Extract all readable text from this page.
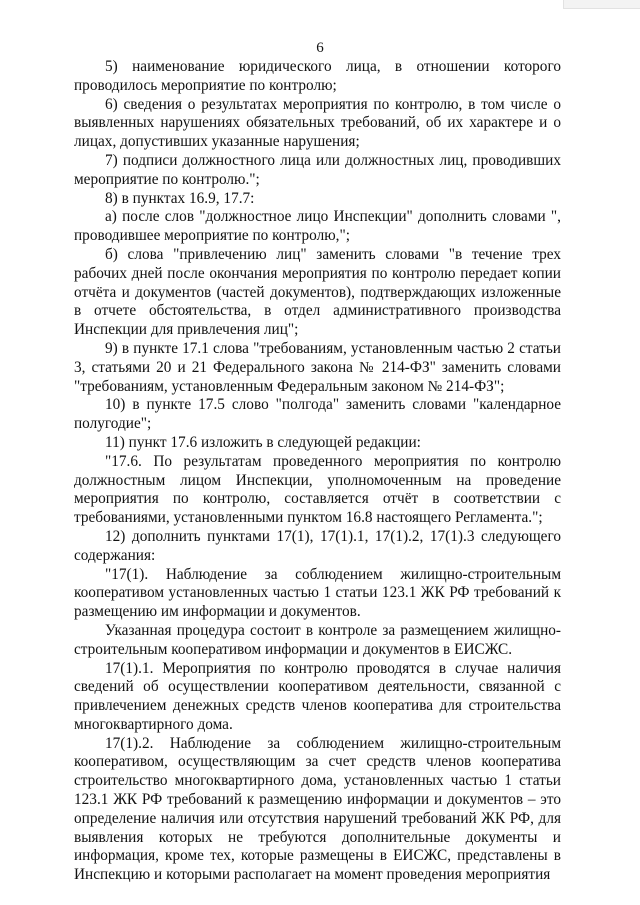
6

5) наименование юридического лица, в отношении которого проводилось мероприятие по контролю;

6) сведения о результатах мероприятия по контролю, в том числе о выявленных нарушениях обязательных требований, об их характере и о лицах, допустивших указанные нарушения;

7) подписи должностного лица или должностных лиц, проводивших мероприятие по контролю.";

8) в пунктах 16.9, 17.7:

а) после слов "должностное лицо Инспекции" дополнить словами ", проводившее мероприятие по контролю,";

б) слова "привлечению лиц" заменить словами "в течение трех рабочих дней после окончания мероприятия по контролю передает копии отчёта и документов (частей документов), подтверждающих изложенные в отчете обстоятельства, в отдел административного производства Инспекции для привлечения лиц";

9) в пункте 17.1 слова "требованиям, установленным частью 2 статьи 3, статьями 20 и 21 Федерального закона № 214-ФЗ" заменить словами "требованиям, установленным Федеральным законом № 214-ФЗ";

10) в пункте 17.5 слово "полгода" заменить словами "календарное полугодие";

11) пункт 17.6 изложить в следующей редакции:

"17.6. По результатам проведенного мероприятия по контролю должностным лицом Инспекции, уполномоченным на проведение мероприятия по контролю, составляется отчёт в соответствии с требованиями, установленными пунктом 16.8 настоящего Регламента.";

12) дополнить пунктами 17(1), 17(1).1, 17(1).2, 17(1).3 следующего содержания:

"17(1). Наблюдение за соблюдением жилищно-строительным кооперативом установленных частью 1 статьи 123.1 ЖК РФ требований к размещению им информации и документов.

Указанная процедура состоит в контроле за размещением жилищно-строительным кооперативом информации и документов в ЕИСЖС.

17(1).1. Мероприятия по контролю проводятся в случае наличия сведений об осуществлении кооперативом деятельности, связанной с привлечением денежных средств членов кооператива для строительства многоквартирного дома.

17(1).2. Наблюдение за соблюдением жилищно-строительным кооперативом, осуществляющим за счет средств членов кооператива строительство многоквартирного дома, установленных частью 1 статьи 123.1 ЖК РФ требований к размещению информации и документов – это определение наличия или отсутствия нарушений требований ЖК РФ, для выявления которых не требуются дополнительные документы и информация, кроме тех, которые размещены в ЕИСЖС, представлены в Инспекцию и которыми располагает на момент проведения мероприятия
